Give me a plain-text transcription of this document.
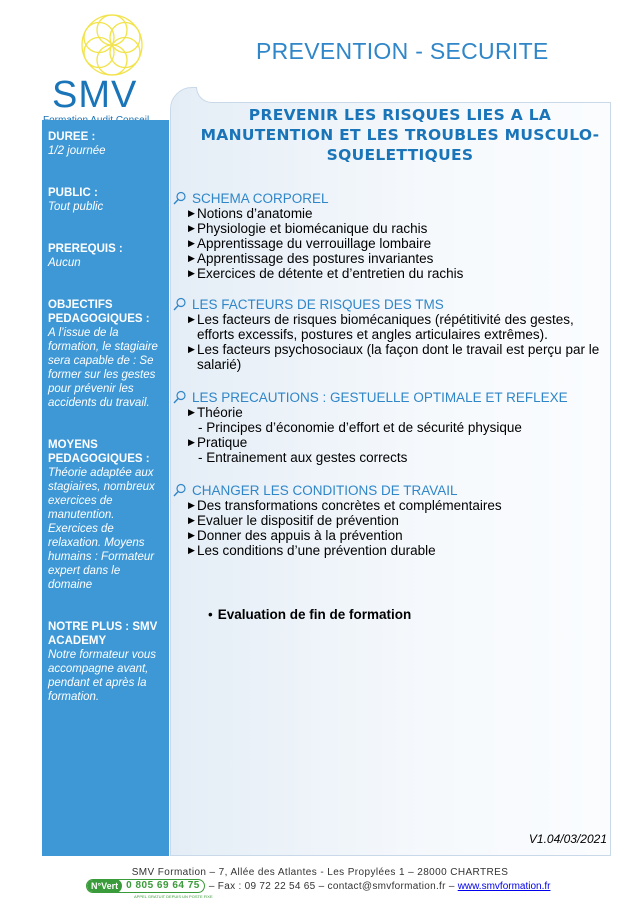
SMV
PREVENTION - SECURITE
DUREE :
1/2 journée
PUBLIC :
Tout public
PREREQUIS :
Aucun
OBJECTIFS PEDAGOGIQUES :
A l’issue de la formation, le stagiaire sera capable de : Se former sur les gestes pour prévenir les accidents du travail.
MOYENS PEDAGOGIQUES :
Théorie adaptée aux stagiaires, nombreux exercices de manutention. Exercices de relaxation. Moyens humains : Formateur expert dans le domaine
NOTRE PLUS : SMV ACADEMY
Notre formateur vous accompagne avant, pendant et après la formation.
PREVENIR LES RISQUES LIES A LA MANUTENTION ET LES TROUBLES MUSCULO-SQUELETTIQUES
SCHEMA CORPOREL
▶ Notions d’anatomie
▶ Physiologie et biomécanique du rachis
▶ Apprentissage du verrouillage lombaire
▶ Apprentissage des postures invariantes
▶ Exercices de détente et d’entretien du rachis
LES FACTEURS DE RISQUES DES TMS
▶ Les facteurs de risques biomécaniques (répétitivité des gestes, efforts excessifs, postures et angles articulaires extrêmes).
▶ Les facteurs psychosociaux (la façon dont le travail est perçu par le salarié)
LES PRECAUTIONS : GESTUELLE OPTIMALE ET REFLEXE
▶ Théorie
- Principes d’économie d’effort et de sécurité physique
▶ Pratique
- Entrainement aux gestes corrects
CHANGER LES CONDITIONS DE TRAVAIL
▶ Des transformations concrètes et complémentaires
▶ Evaluer le dispositif de prévention
▶ Donner des appuis à la prévention
▶ Les conditions d’une prévention durable
• Evaluation de fin de formation
V1.04/03/2021
SMV Formation – 7, Allée des Atlantes - Les Propylées 1 – 28000 CHARTRES
N°Vert 0 805 69 64 75
APPEL GRATUIT DEPUIS UN POSTE FIXE
– Fax : 09 72 22 54 65 – contact@smvformation.fr – www.smvformation.fr
